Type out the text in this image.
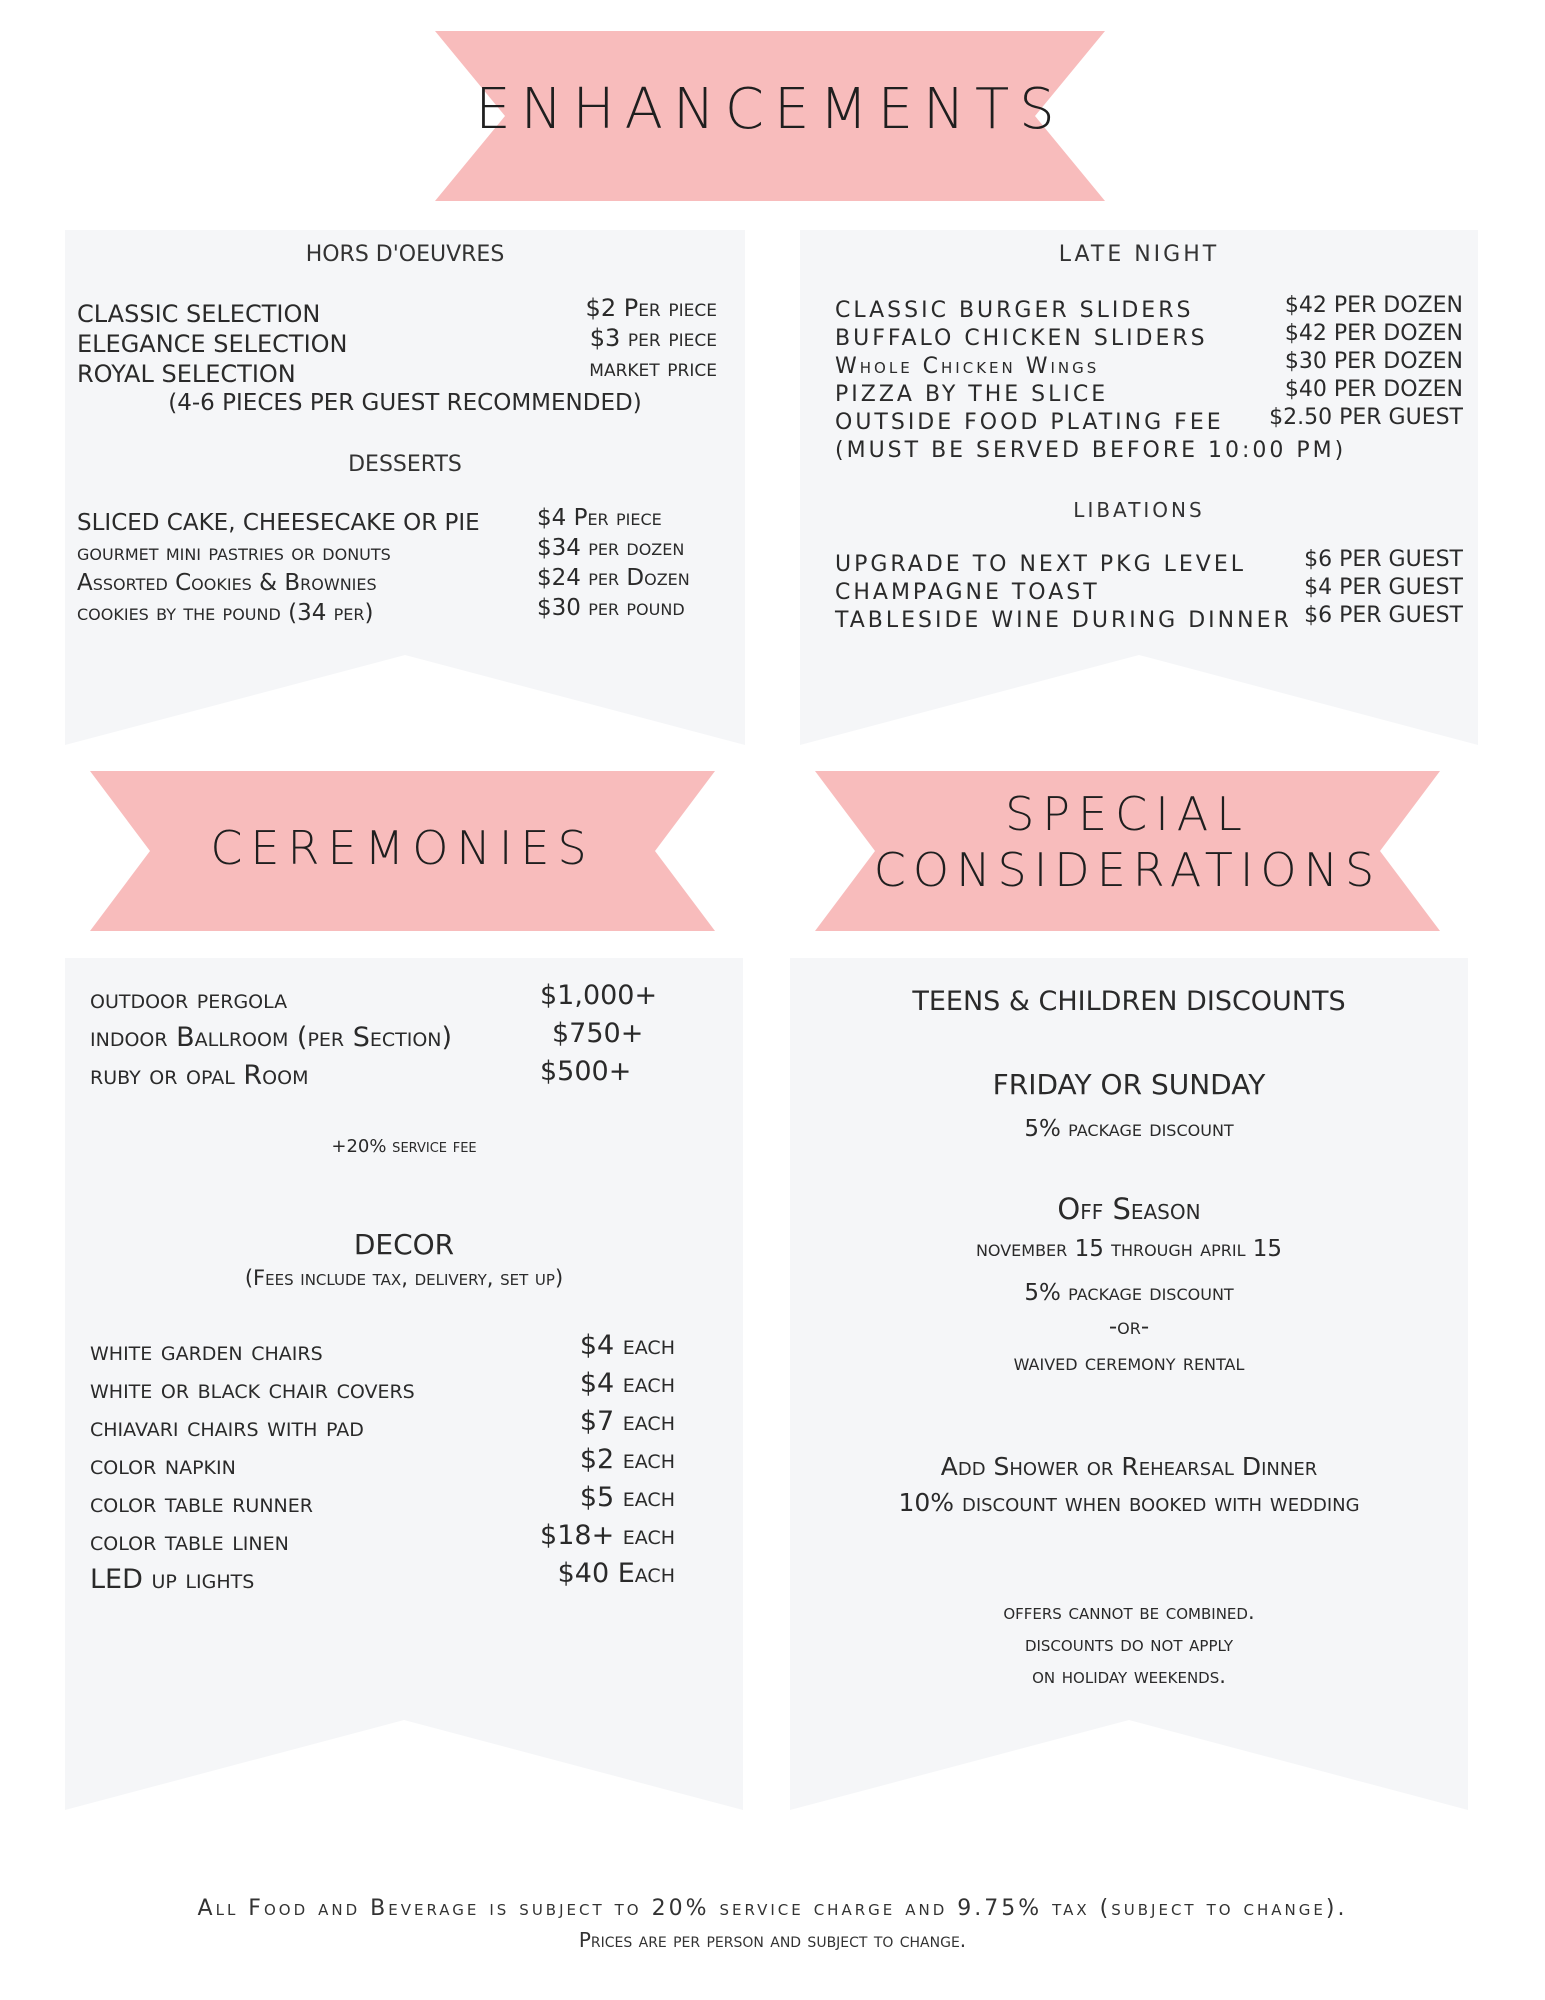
ENHANCEMENTS
HORS D'OEUVRES
CLASSIC SELECTION	$2 Per piece
ELEGANCE SELECTION	$3 per piece
ROYAL SELECTION	market price
(4-6 PIECES PER GUEST RECOMMENDED)
DESSERTS
SLICED CAKE, CHEESECAKE OR PIE $4 Per piece
gourmet mini pastries or donuts	$34 per dozen
Assorted Cookies & Brownies	$24 per Dozen
cookies by the pound (34 per)	$30 per pound
LATE NIGHT
CLASSIC BURGER SLIDERS	$42 PER DOZEN
BUFFALO CHICKEN SLIDERS	$42 PER DOZEN
Whole Chicken Wings	$30 PER DOZEN
PIZZA BY THE SLICE	$40 PER DOZEN
OUTSIDE FOOD PLATING FEE $2.50 PER GUEST
(MUST BE SERVED BEFORE 10:00 PM)
LIBATIONS
UPGRADE TO NEXT PKG LEVEL	$6 PER GUEST
CHAMPAGNE TOAST	$4 PER GUEST
TABLESIDE WINE DURING DINNER $6 PER GUEST
CEREMONIES
SPECIAL
CONSIDERATIONS
outdoor pergola	$1,000+
indoor Ballroom (per Section)	$750+
ruby or opal Room	$500+
+20% service fee
DECOR
(Fees include tax, delivery, set up)
white garden chairs	$4 each
white or black chair covers	$4 each
chiavari chairs with pad	$7 each
color napkin	$2 each
color table runner	$5 each
color table linen	$18+ each
LED up lights	$40 Each
TEENS & CHILDREN DISCOUNTS
FRIDAY OR SUNDAY
5% package discount
Off Season
november 15 through april 15
5% package discount
-or-
waived ceremony rental
Add Shower or Rehearsal Dinner
10% discount when booked with wedding
offers cannot be combined.
discounts do not apply
on holiday weekends.
All Food and Beverage is subject to 20% service charge and 9.75% tax (subject to change).
Prices are per person and subject to change.
